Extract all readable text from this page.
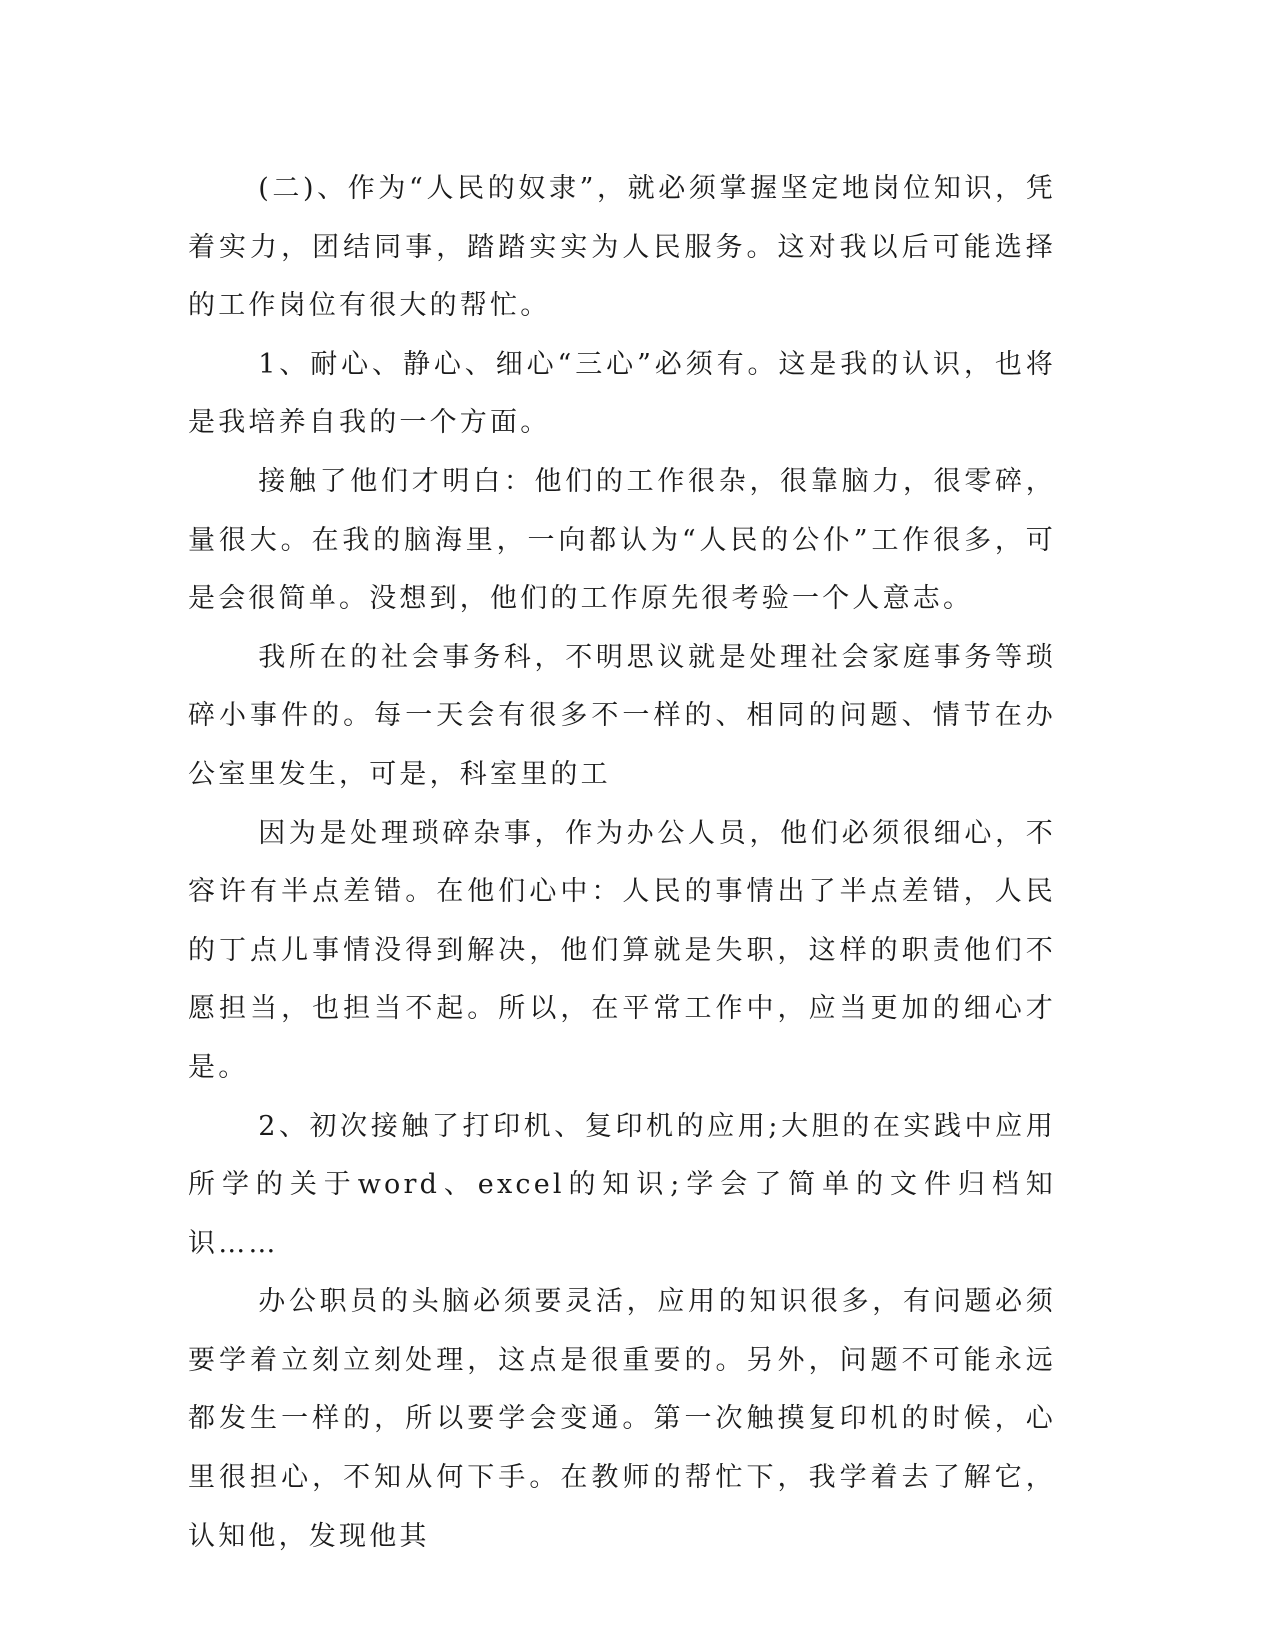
(二)、作为“人民的奴隶”，就必须掌握坚定地岗位知识，凭着实力，团结同事，踏踏实实为人民服务。这对我以后可能选择的工作岗位有很大的帮忙。

1、耐心、静心、细心“三心”必须有。这是我的认识，也将是我培养自我的一个方面。

接触了他们才明白：他们的工作很杂，很靠脑力，很零碎，量很大。在我的脑海里，一向都认为“人民的公仆”工作很多，可是会很简单。没想到，他们的工作原先很考验一个人意志。

我所在的社会事务科，不明思议就是处理社会家庭事务等琐碎小事件的。每一天会有很多不一样的、相同的问题、情节在办公室里发生，可是，科室里的工

因为是处理琐碎杂事，作为办公人员，他们必须很细心，不容许有半点差错。在他们心中：人民的事情出了半点差错，人民的丁点儿事情没得到解决，他们算就是失职，这样的职责他们不愿担当，也担当不起。所以，在平常工作中，应当更加的细心才是。

2、初次接触了打印机、复印机的应用;大胆的在实践中应用所学的关于word、excel的知识;学会了简单的文件归档知识……

办公职员的头脑必须要灵活，应用的知识很多，有问题必须要学着立刻立刻处理，这点是很重要的。另外，问题不可能永远都发生一样的，所以要学会变通。第一次触摸复印机的时候，心里很担心，不知从何下手。在教师的帮忙下，我学着去了解它，认知他，发现他其
